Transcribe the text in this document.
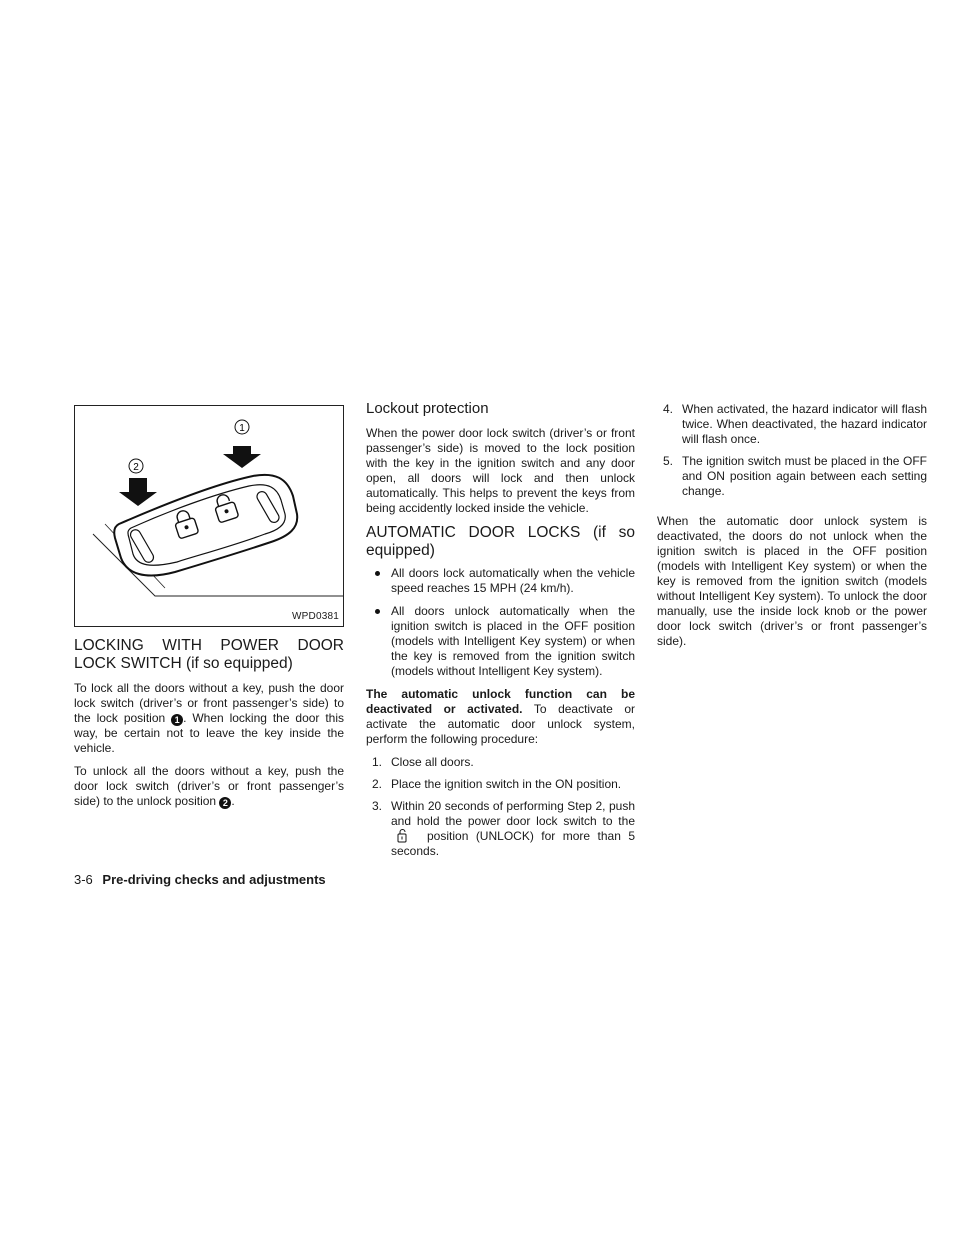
1
2
WPD0381
LOCKING WITH POWER DOOR LOCK SWITCH (if so equipped)

To lock all the doors without a key, push the door lock switch (driver’s or front passenger’s side) to the lock position 1 . When locking the door this way, be certain not to leave the key inside the vehicle.

To unlock all the doors without a key, push the door lock switch (driver’s or front passenger’s side) to the unlock position 2 .

Lockout protection

When the power door lock switch (driver’s or front passenger’s side) is moved to the lock position with the key in the ignition switch and any door open, all doors will lock and then unlock automatically. This helps to prevent the keys from being accidently locked inside the vehicle.

AUTOMATIC DOOR LOCKS (if so equipped)
All doors lock automatically when the vehicle speed reaches 15 MPH (24 km/h).
All doors unlock automatically when the ignition switch is placed in the OFF position (models with Intelligent Key system) or when the key is removed from the ignition switch (models without Intelligent Key system).

The automatic unlock function can be deactivated or activated. To deactivate or activate the automatic door unlock system, perform the following procedure:

1. Close all doors.
2. Place the ignition switch in the ON position.
3. Within 20 seconds of performing Step 2, push and hold the power door lock switch to theposition (UNLOCK) for more than 5 seconds.
4. When activated, the hazard indicator will flash twice. When deactivated, the hazard indicator will flash once.
5. The ignition switch must be placed in the OFF and ON position again between each setting change.

When the automatic door unlock system is deactivated, the doors do not unlock when the ignition switch is placed in the OFF position (models with Intelligent Key system) or when the key is removed from the ignition switch (models without Intelligent Key system). To unlock the door manually, use the inside lock knob or the power door lock switch (driver’s or front passenger’s side).

3-6 Pre-driving checks and adjustments
